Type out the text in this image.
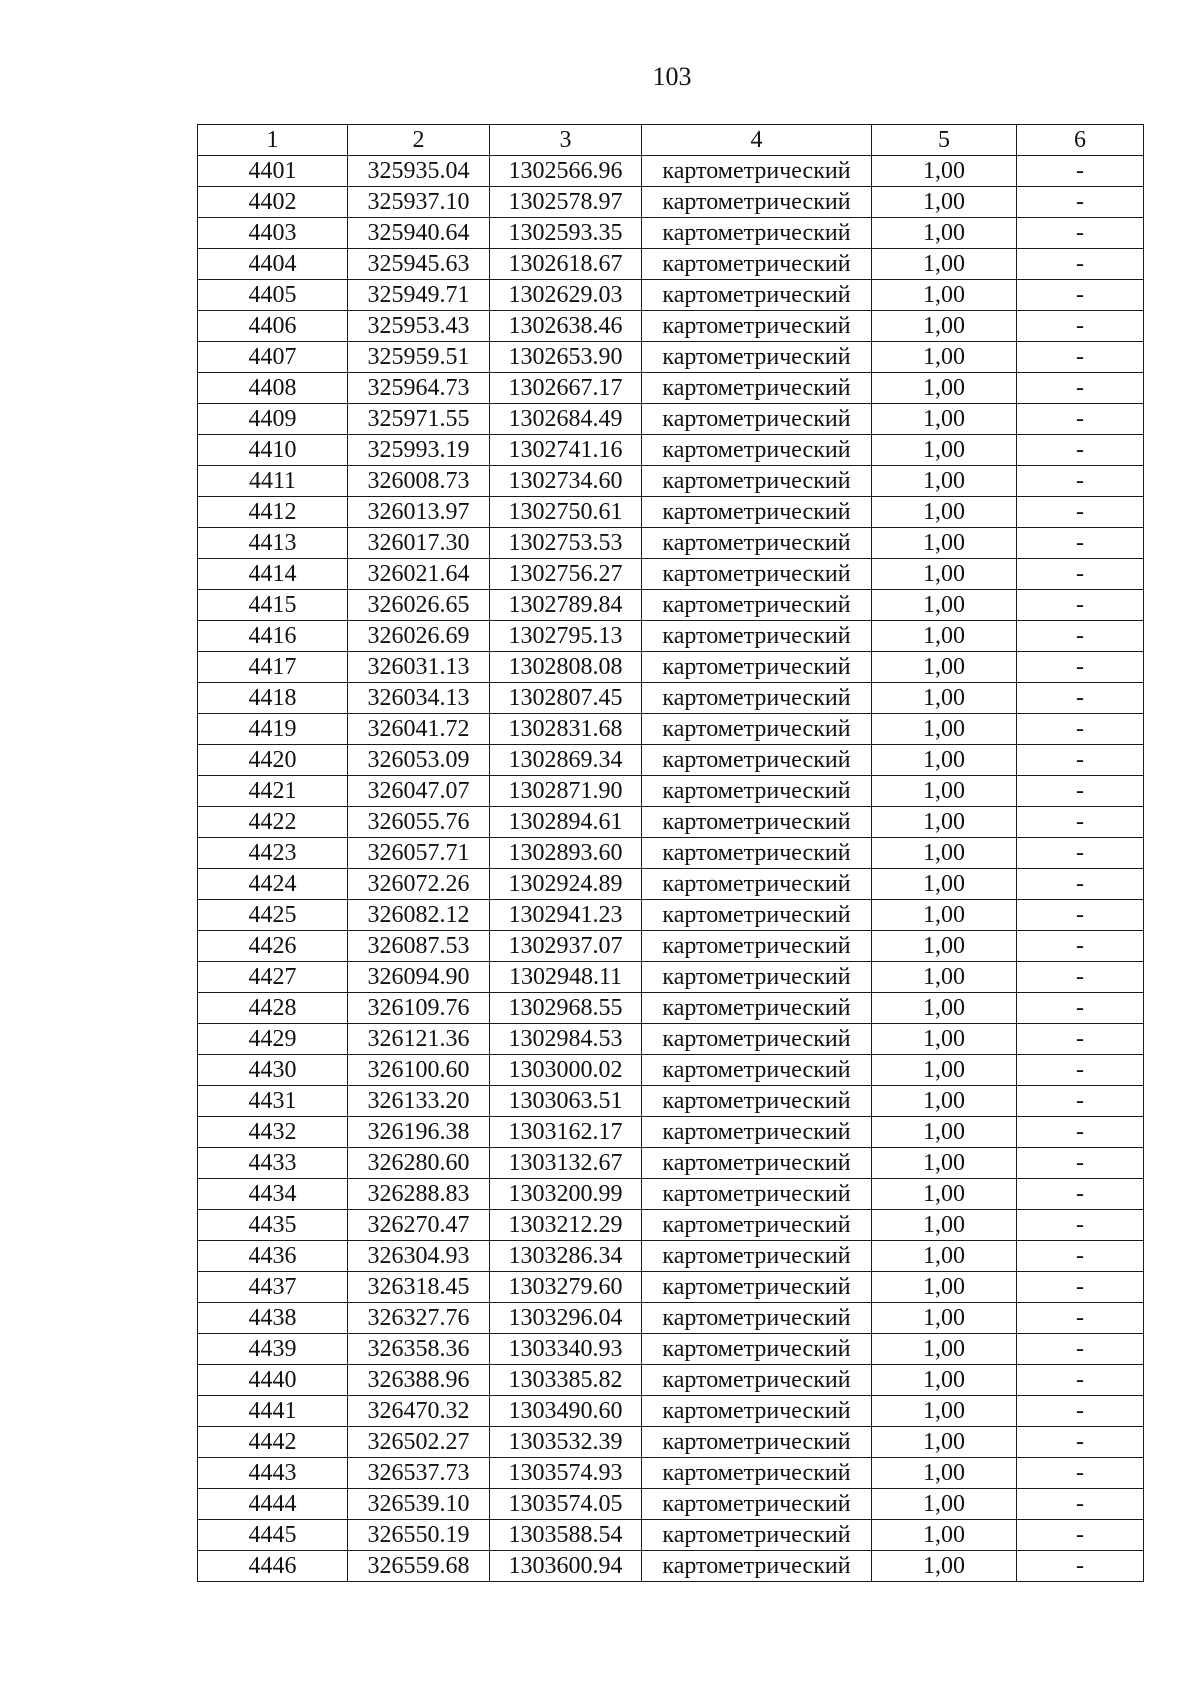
103
1	2	3	4	5	6
4401	325935.04	1302566.96	картометрический	1,00	-
4402	325937.10	1302578.97	картометрический	1,00	-
4403	325940.64	1302593.35	картометрический	1,00	-
4404	325945.63	1302618.67	картометрический	1,00	-
4405	325949.71	1302629.03	картометрический	1,00	-
4406	325953.43	1302638.46	картометрический	1,00	-
4407	325959.51	1302653.90	картометрический	1,00	-
4408	325964.73	1302667.17	картометрический	1,00	-
4409	325971.55	1302684.49	картометрический	1,00	-
4410	325993.19	1302741.16	картометрический	1,00	-
4411	326008.73	1302734.60	картометрический	1,00	-
4412	326013.97	1302750.61	картометрический	1,00	-
4413	326017.30	1302753.53	картометрический	1,00	-
4414	326021.64	1302756.27	картометрический	1,00	-
4415	326026.65	1302789.84	картометрический	1,00	-
4416	326026.69	1302795.13	картометрический	1,00	-
4417	326031.13	1302808.08	картометрический	1,00	-
4418	326034.13	1302807.45	картометрический	1,00	-
4419	326041.72	1302831.68	картометрический	1,00	-
4420	326053.09	1302869.34	картометрический	1,00	-
4421	326047.07	1302871.90	картометрический	1,00	-
4422	326055.76	1302894.61	картометрический	1,00	-
4423	326057.71	1302893.60	картометрический	1,00	-
4424	326072.26	1302924.89	картометрический	1,00	-
4425	326082.12	1302941.23	картометрический	1,00	-
4426	326087.53	1302937.07	картометрический	1,00	-
4427	326094.90	1302948.11	картометрический	1,00	-
4428	326109.76	1302968.55	картометрический	1,00	-
4429	326121.36	1302984.53	картометрический	1,00	-
4430	326100.60	1303000.02	картометрический	1,00	-
4431	326133.20	1303063.51	картометрический	1,00	-
4432	326196.38	1303162.17	картометрический	1,00	-
4433	326280.60	1303132.67	картометрический	1,00	-
4434	326288.83	1303200.99	картометрический	1,00	-
4435	326270.47	1303212.29	картометрический	1,00	-
4436	326304.93	1303286.34	картометрический	1,00	-
4437	326318.45	1303279.60	картометрический	1,00	-
4438	326327.76	1303296.04	картометрический	1,00	-
4439	326358.36	1303340.93	картометрический	1,00	-
4440	326388.96	1303385.82	картометрический	1,00	-
4441	326470.32	1303490.60	картометрический	1,00	-
4442	326502.27	1303532.39	картометрический	1,00	-
4443	326537.73	1303574.93	картометрический	1,00	-
4444	326539.10	1303574.05	картометрический	1,00	-
4445	326550.19	1303588.54	картометрический	1,00	-
4446	326559.68	1303600.94	картометрический	1,00	-
